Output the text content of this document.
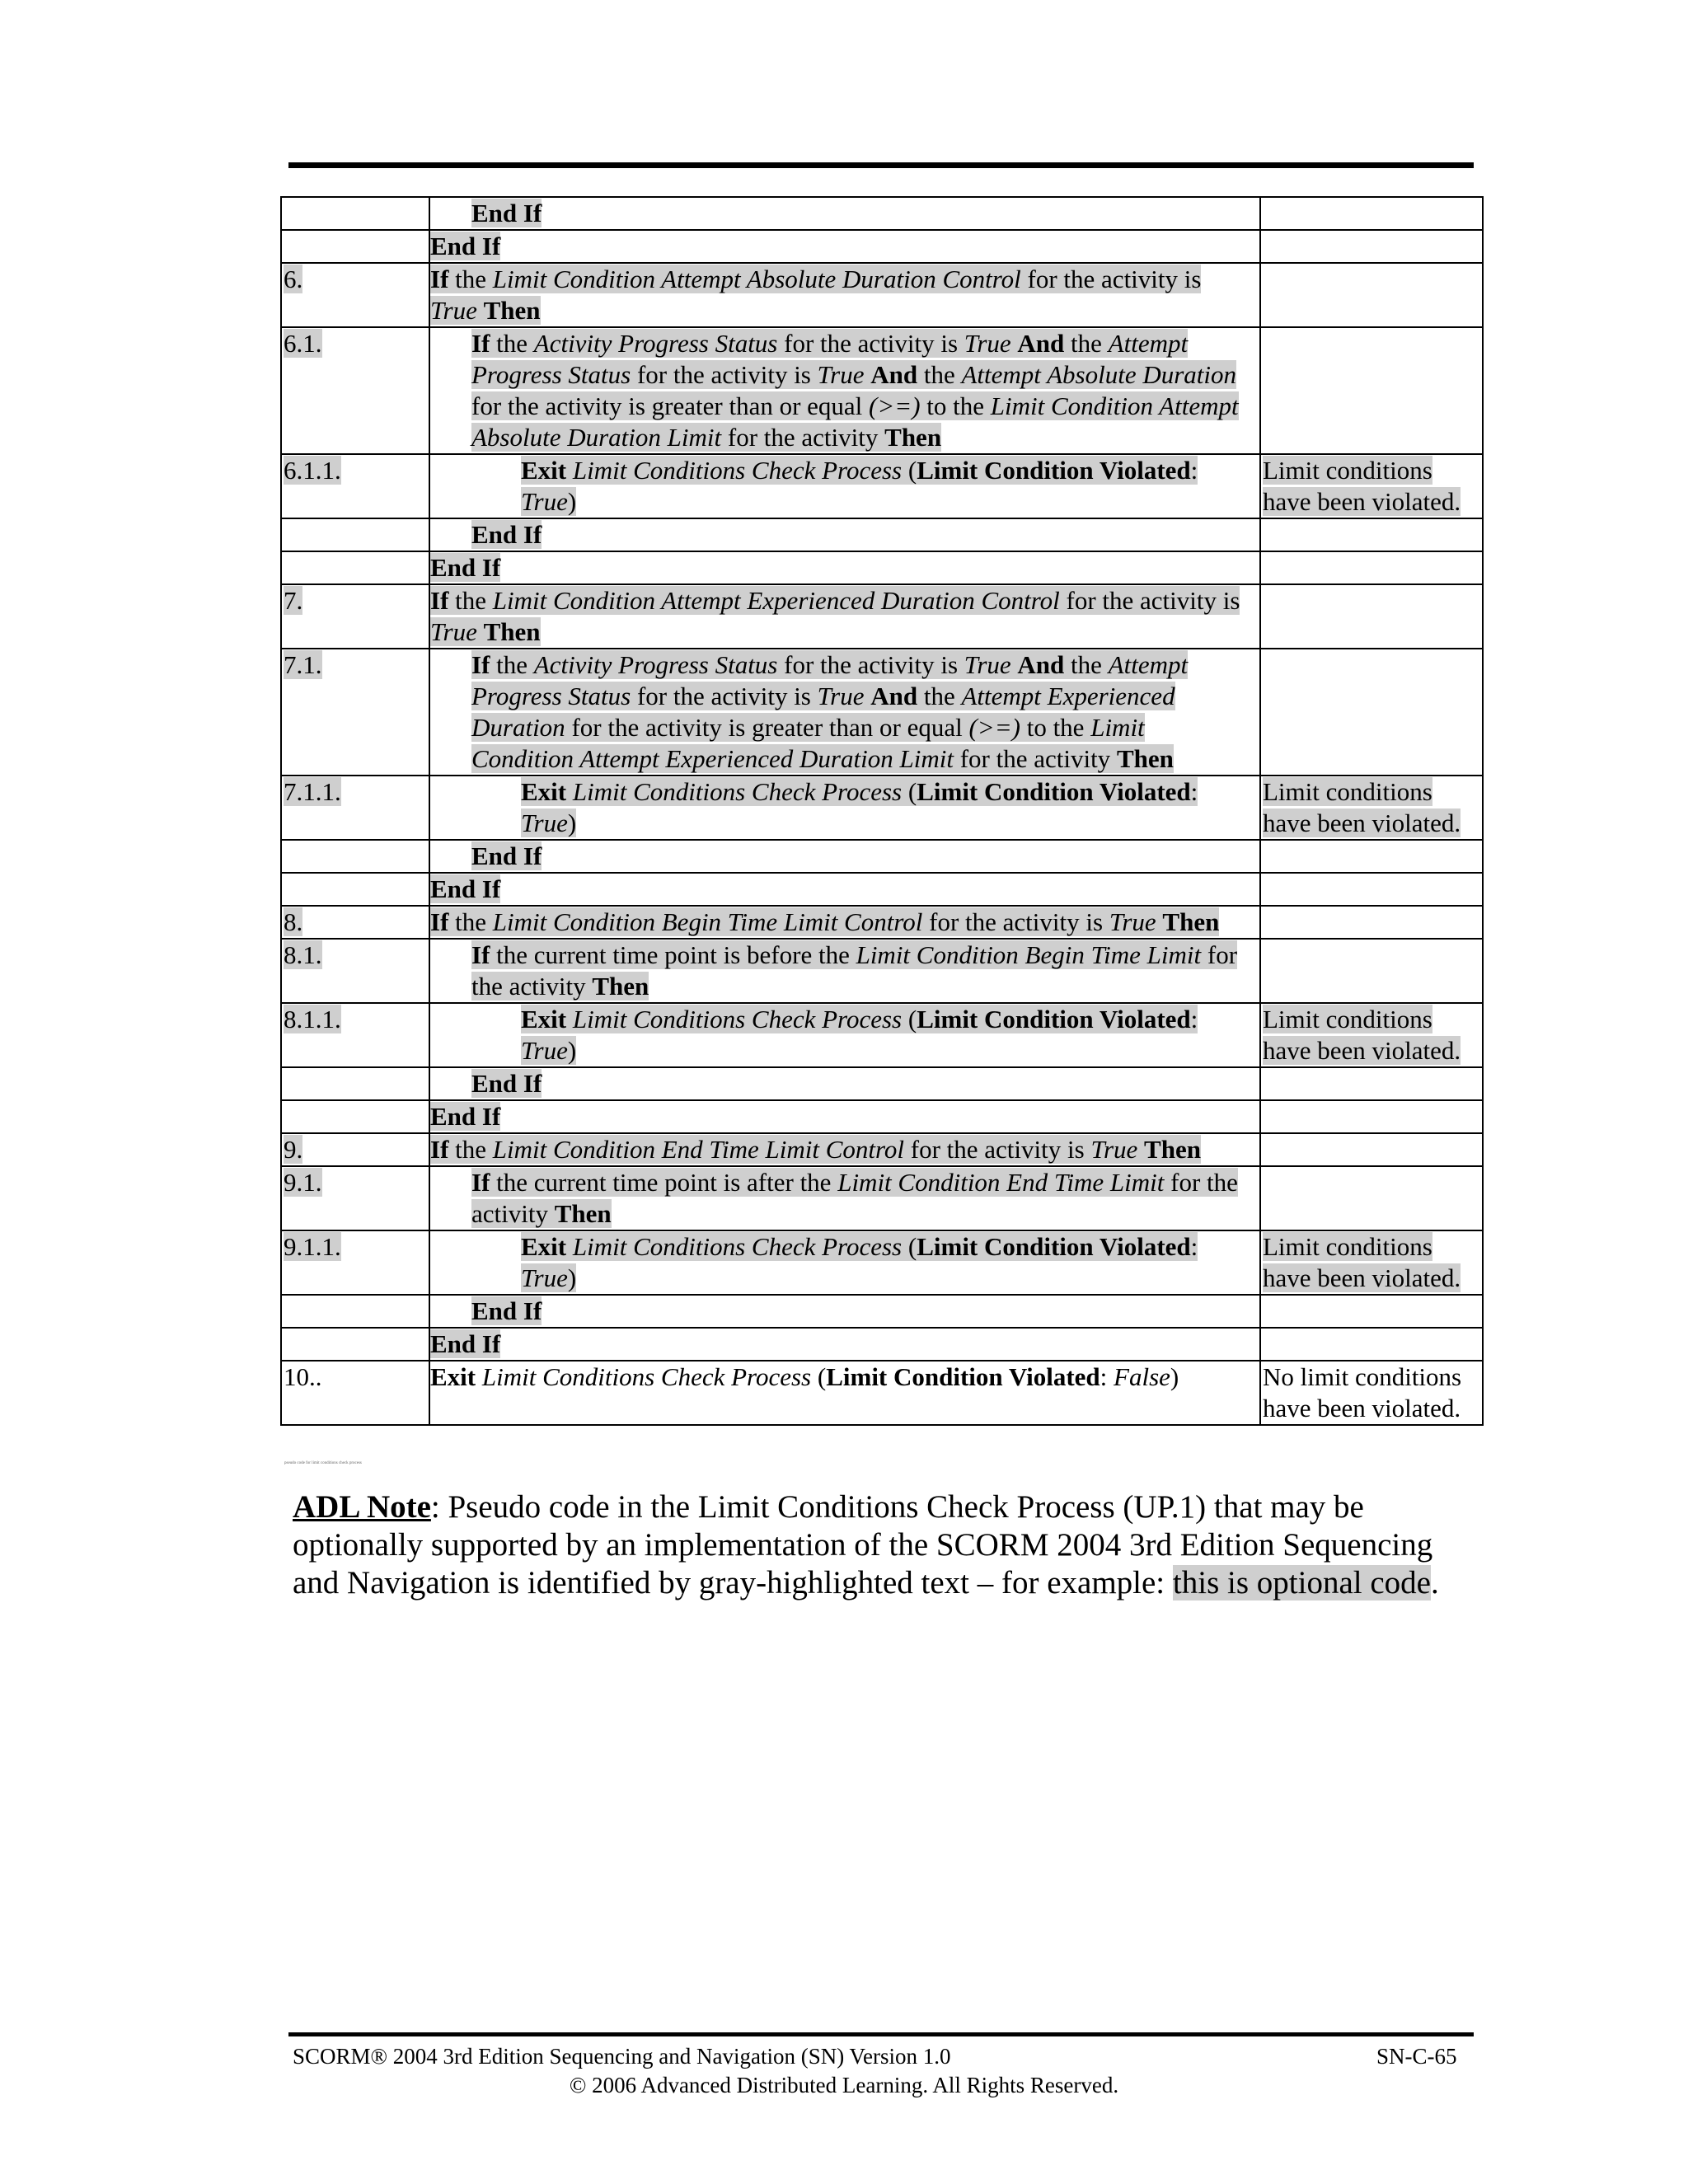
	End If	

	End If	

6.	If the Limit Condition Attempt Absolute Duration Control for the activity is True Then	

6.1.	If the Activity Progress Status for the activity is True And the Attempt Progress Status for the activity is True And the Attempt Absolute Duration for the activity is greater than or equal (>=) to the Limit Condition Attempt Absolute Duration Limit for the activity Then	

6.1.1.	Exit Limit Conditions Check Process (Limit Condition Violated: True)	Limit conditions have been violated.

	End If	

	End If	

7.	If the Limit Condition Attempt Experienced Duration Control for the activity is True Then	

7.1.	If the Activity Progress Status for the activity is True And the Attempt Progress Status for the activity is True And the Attempt Experienced Duration for the activity is greater than or equal (>=) to the Limit Condition Attempt Experienced Duration Limit for the activity Then	

7.1.1.	Exit Limit Conditions Check Process (Limit Condition Violated: True)	Limit conditions have been violated.

	End If	

	End If	

8.	If the Limit Condition Begin Time Limit Control for the activity is True Then	

8.1.	If the current time point is before the Limit Condition Begin Time Limit for the activity Then	

8.1.1.	Exit Limit Conditions Check Process (Limit Condition Violated: True)	Limit conditions have been violated.

	End If	

	End If	

9.	If the Limit Condition End Time Limit Control for the activity is True Then	

9.1.	If the current time point is after the Limit Condition End Time Limit for the activity Then	

9.1.1.	Exit Limit Conditions Check Process (Limit Condition Violated: True)	Limit conditions have been violated.

	End If	

	End If	

10..	Exit Limit Conditions Check Process (Limit Condition Violated: False)	No limit conditions have been violated.
pseudo code for limit conditions check process
ADL Note: Pseudo code in the Limit Conditions Check Process (UP.1) that may be optionally supported by an implementation of the SCORM 2004 3rd Edition Sequencing and Navigation is identified by gray-highlighted text – for example: this is optional code.
SCORM® 2004 3rd Edition Sequencing and Navigation (SN) Version 1.0	SN-C-65
© 2006 Advanced Distributed Learning. All Rights Reserved.
